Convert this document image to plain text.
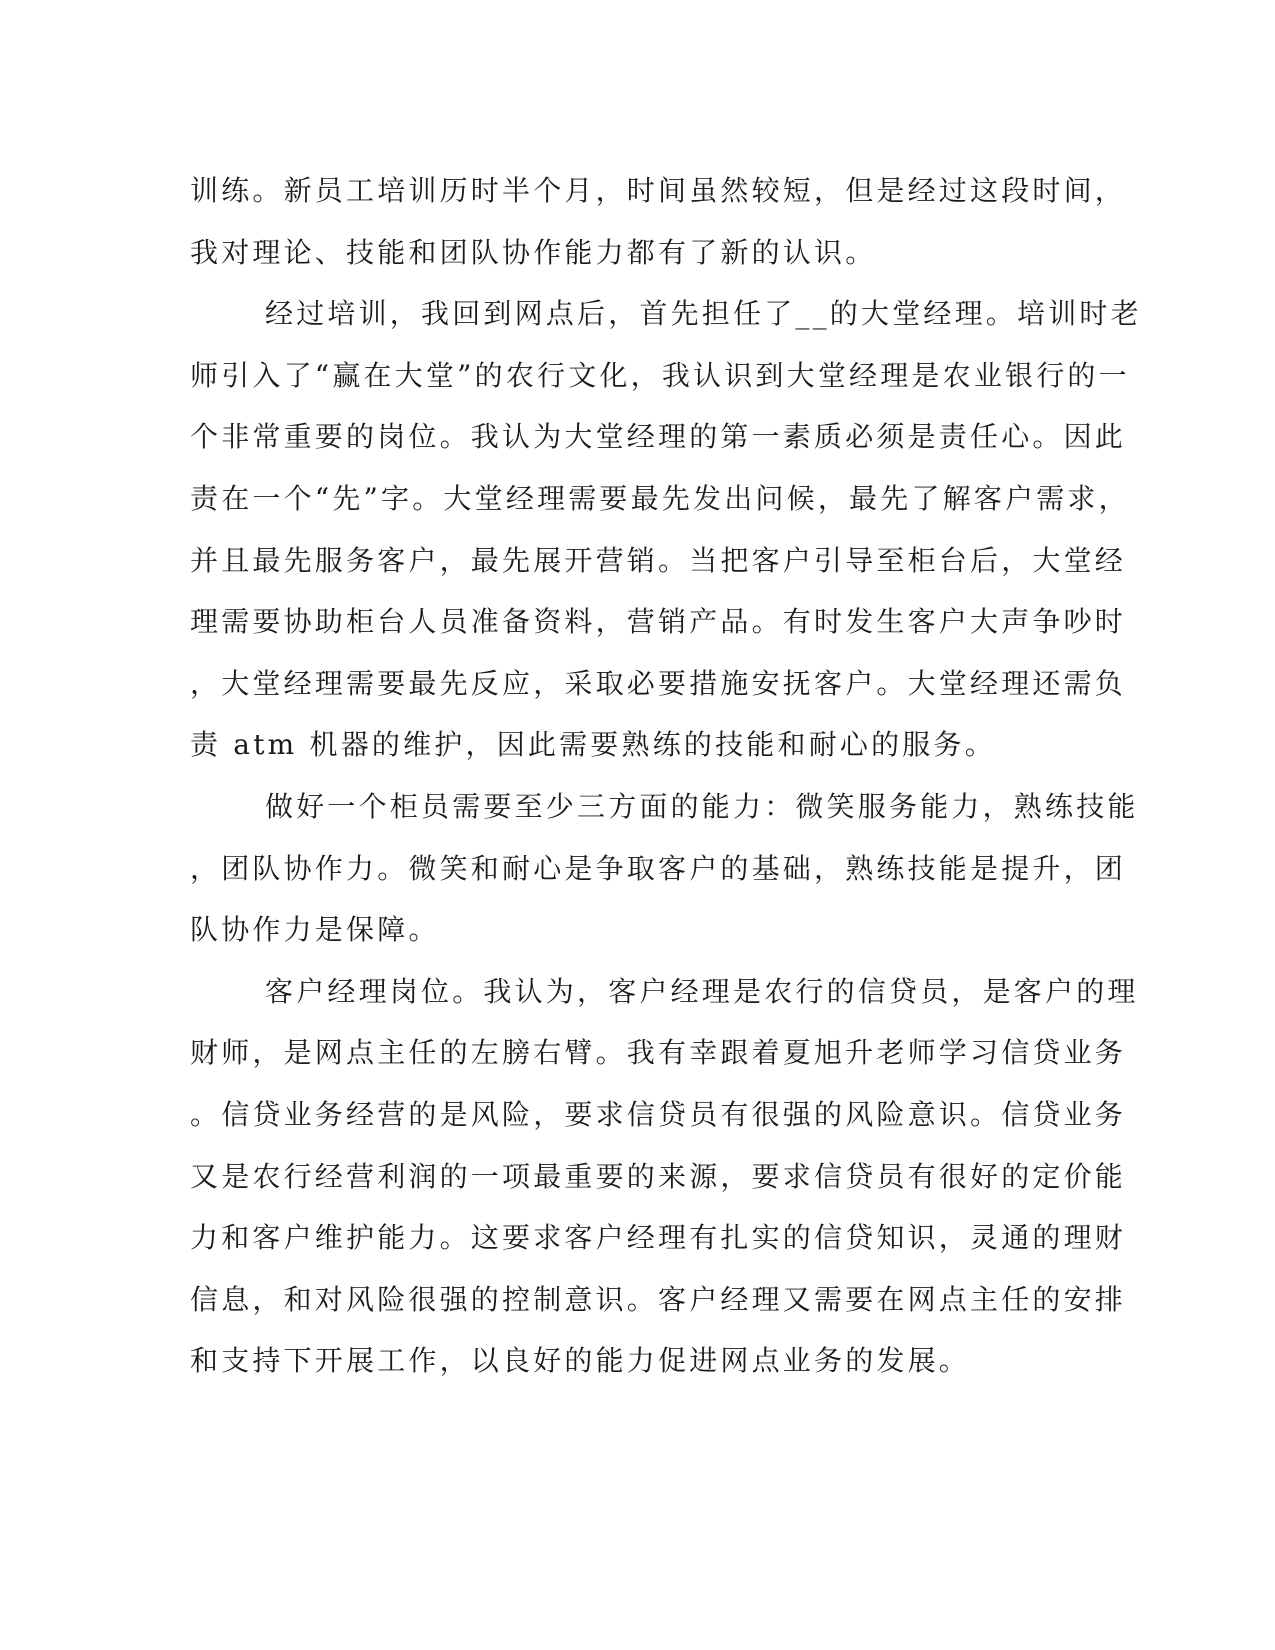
训练。新员工培训历时半个月，时间虽然较短，但是经过这段时间，
我对理论、技能和团队协作能力都有了新的认识。
经过培训，我回到网点后，首先担任了__的大堂经理。培训时老
师引入了“赢在大堂”的农行文化，我认识到大堂经理是农业银行的一
个非常重要的岗位。我认为大堂经理的第一素质必须是责任心。因此
责在一个“先”字。大堂经理需要最先发出问候，最先了解客户需求，
并且最先服务客户，最先展开营销。当把客户引导至柜台后，大堂经
理需要协助柜台人员准备资料，营销产品。有时发生客户大声争吵时
，大堂经理需要最先反应，采取必要措施安抚客户。大堂经理还需负
责 atm 机器的维护，因此需要熟练的技能和耐心的服务。
做好一个柜员需要至少三方面的能力：微笑服务能力，熟练技能
，团队协作力。微笑和耐心是争取客户的基础，熟练技能是提升，团
队协作力是保障。
客户经理岗位。我认为，客户经理是农行的信贷员，是客户的理
财师，是网点主任的左膀右臂。我有幸跟着夏旭升老师学习信贷业务
。信贷业务经营的是风险，要求信贷员有很强的风险意识。信贷业务
又是农行经营利润的一项最重要的来源，要求信贷员有很好的定价能
力和客户维护能力。这要求客户经理有扎实的信贷知识，灵通的理财
信息，和对风险很强的控制意识。客户经理又需要在网点主任的安排
和支持下开展工作，以良好的能力促进网点业务的发展。
